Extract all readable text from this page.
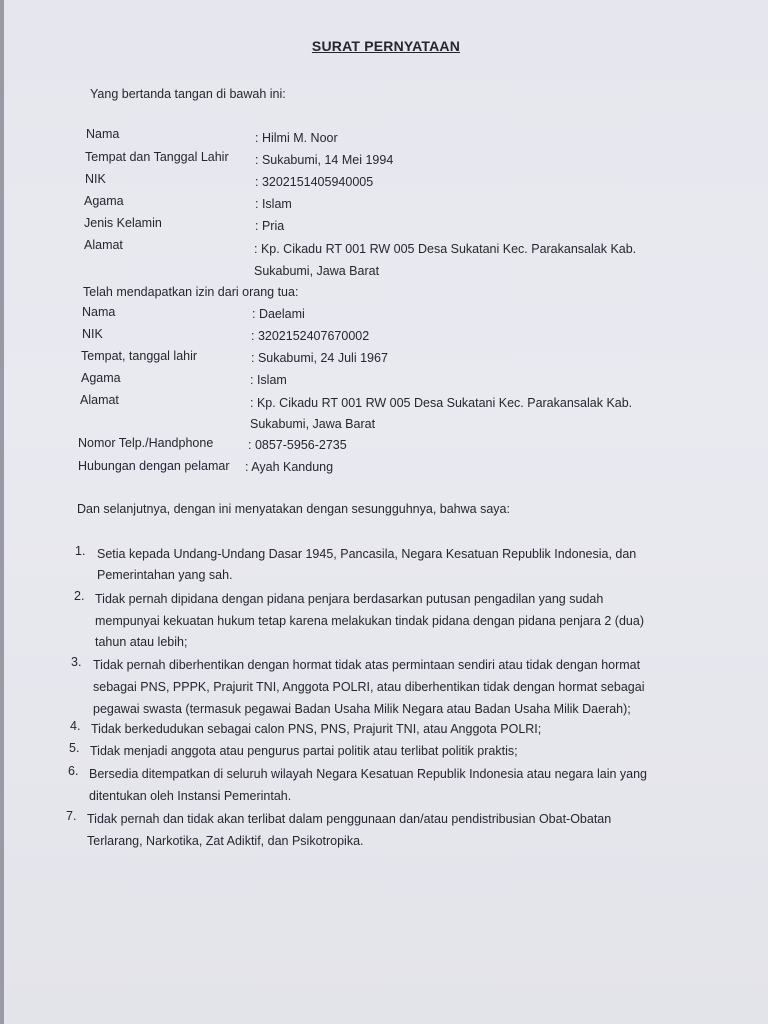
SURAT PERNYATAAN
Yang bertanda tangan di bawah ini:
Nama	: Hilmi M. Noor
Tempat dan Tanggal Lahir : Sukabumi, 14 Mei 1994
NIK	: 3202151405940005
Agama	: Islam
Jenis Kelamin	: Pria
Alamat	: Kp. Cikadu RT 001 RW 005 Desa Sukatani Kec. Parakansalak Kab.
Sukabumi, Jawa Barat
Telah mendapatkan izin dari orang tua:
Nama	: Daelami
NIK	: 3202152407670002
Tempat, tanggal lahir	: Sukabumi, 24 Juli 1967
Agama	: Islam
Alamat	: Kp. Cikadu RT 001 RW 005 Desa Sukatani Kec. Parakansalak Kab.
Sukabumi, Jawa Barat
Nomor Telp./Handphone	: 0857-5956-2735
Hubungan dengan pelamar : Ayah Kandung
Dan selanjutnya, dengan ini menyatakan dengan sesungguhnya, bahwa saya:
1. Setia kepada Undang-Undang Dasar 1945, Pancasila, Negara Kesatuan Republik Indonesia, dan
Pemerintahan yang sah.
2. Tidak pernah dipidana dengan pidana penjara berdasarkan putusan pengadilan yang sudah
mempunyai kekuatan hukum tetap karena melakukan tindak pidana dengan pidana penjara 2 (dua)
tahun atau lebih;
3. Tidak pernah diberhentikan dengan hormat tidak atas permintaan sendiri atau tidak dengan hormat
sebagai PNS, PPPK, Prajurit TNI, Anggota POLRI, atau diberhentikan tidak dengan hormat sebagai
pegawai swasta (termasuk pegawai Badan Usaha Milik Negara atau Badan Usaha Milik Daerah);
4. Tidak berkedudukan sebagai calon PNS, PNS, Prajurit TNI, atau Anggota POLRI;
5. Tidak menjadi anggota atau pengurus partai politik atau terlibat politik praktis;
6. Bersedia ditempatkan di seluruh wilayah Negara Kesatuan Republik Indonesia atau negara lain yang
ditentukan oleh Instansi Pemerintah.
7. Tidak pernah dan tidak akan terlibat dalam penggunaan dan/atau pendistribusian Obat-Obatan
Terlarang, Narkotika, Zat Adiktif, dan Psikotropika.
